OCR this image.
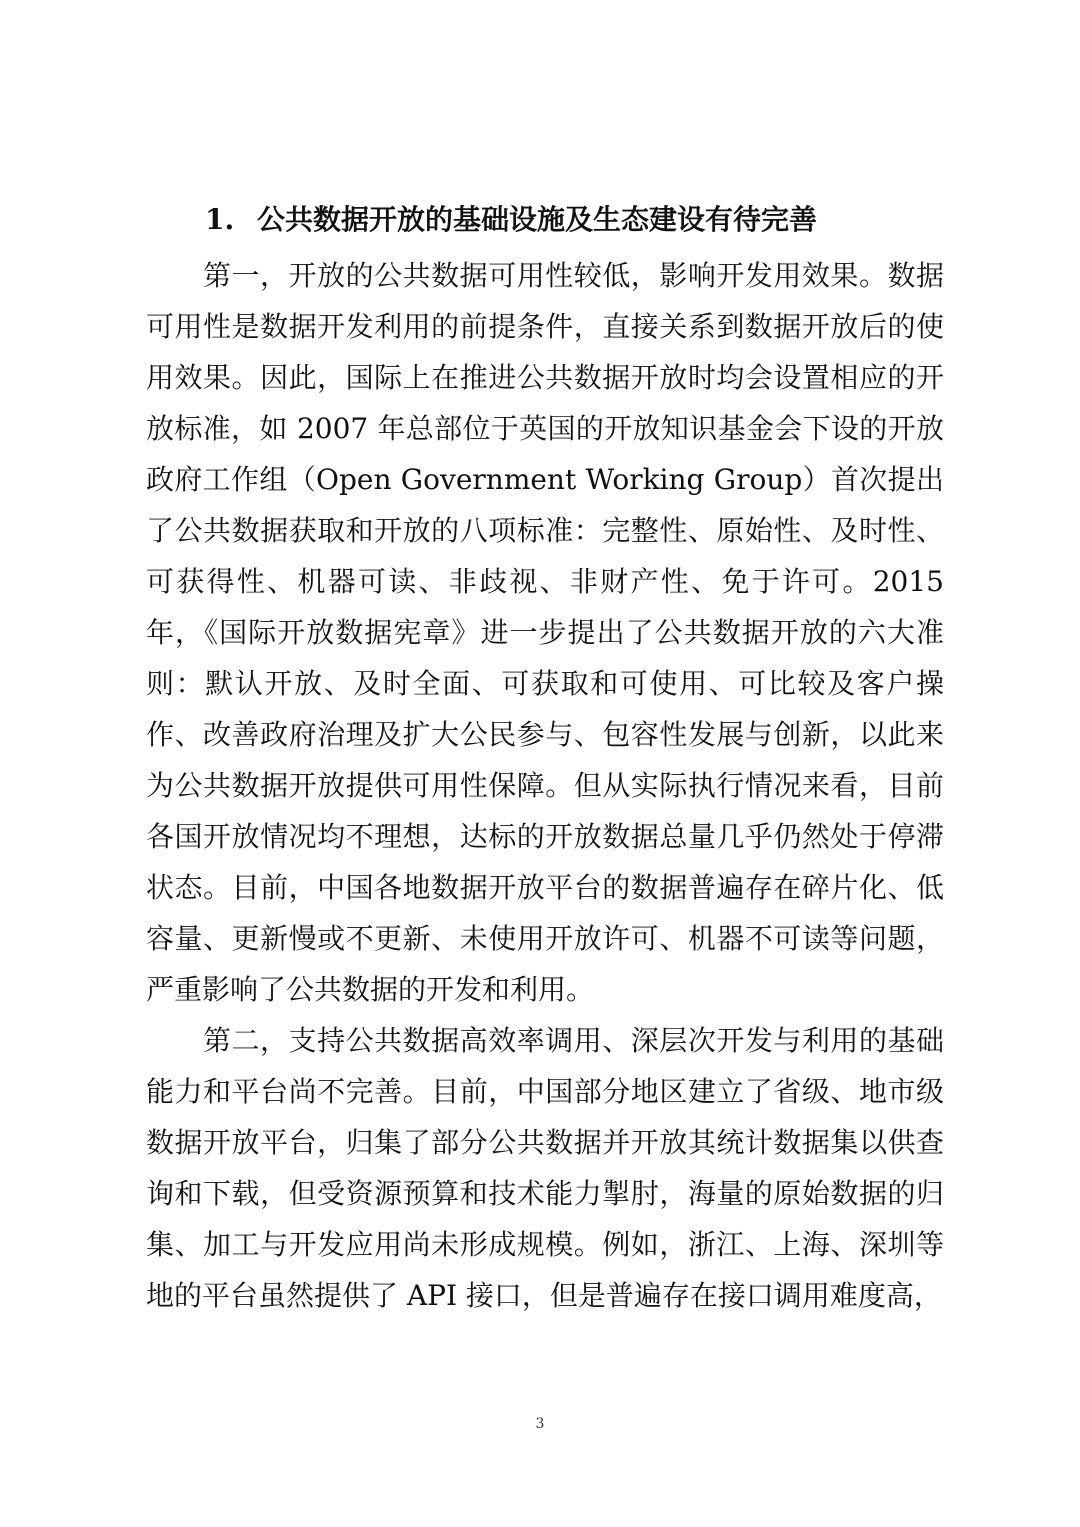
1. 公共数据开放的基础设施及生态建设有待完善

第一，开放的公共数据可用性较低，影响开发用效果。数据可用性是数据开发利用的前提条件，直接关系到数据开放后的使用效果。因此，国际上在推进公共数据开放时均会设置相应的开放标准，如 2007 年总部位于英国的开放知识基金会下设的开放政府工作组（Open Government Working Group）首次提出了公共数据获取和开放的八项标准：完整性、原始性、及时性、可获得性、机器可读、非歧视、非财产性、免于许可。2015 年，《国际开放数据宪章》进一步提出了公共数据开放的六大准则：默认开放、及时全面、可获取和可使用、可比较及客户操作、改善政府治理及扩大公民参与、包容性发展与创新，以此来为公共数据开放提供可用性保障。但从实际执行情况来看，目前各国开放情况均不理想，达标的开放数据总量几乎仍然处于停滞状态。目前，中国各地数据开放平台的数据普遍存在碎片化、低容量、更新慢或不更新、未使用开放许可、机器不可读等问题，严重影响了公共数据的开发和利用。

第二，支持公共数据高效率调用、深层次开发与利用的基础能力和平台尚不完善。目前，中国部分地区建立了省级、地市级数据开放平台，归集了部分公共数据并开放其统计数据集以供查询和下载，但受资源预算和技术能力掣肘，海量的原始数据的归集、加工与开发应用尚未形成规模。例如，浙江、上海、深圳等地的平台虽然提供了 API 接口，但是普遍存在接口调用难度高，

3
